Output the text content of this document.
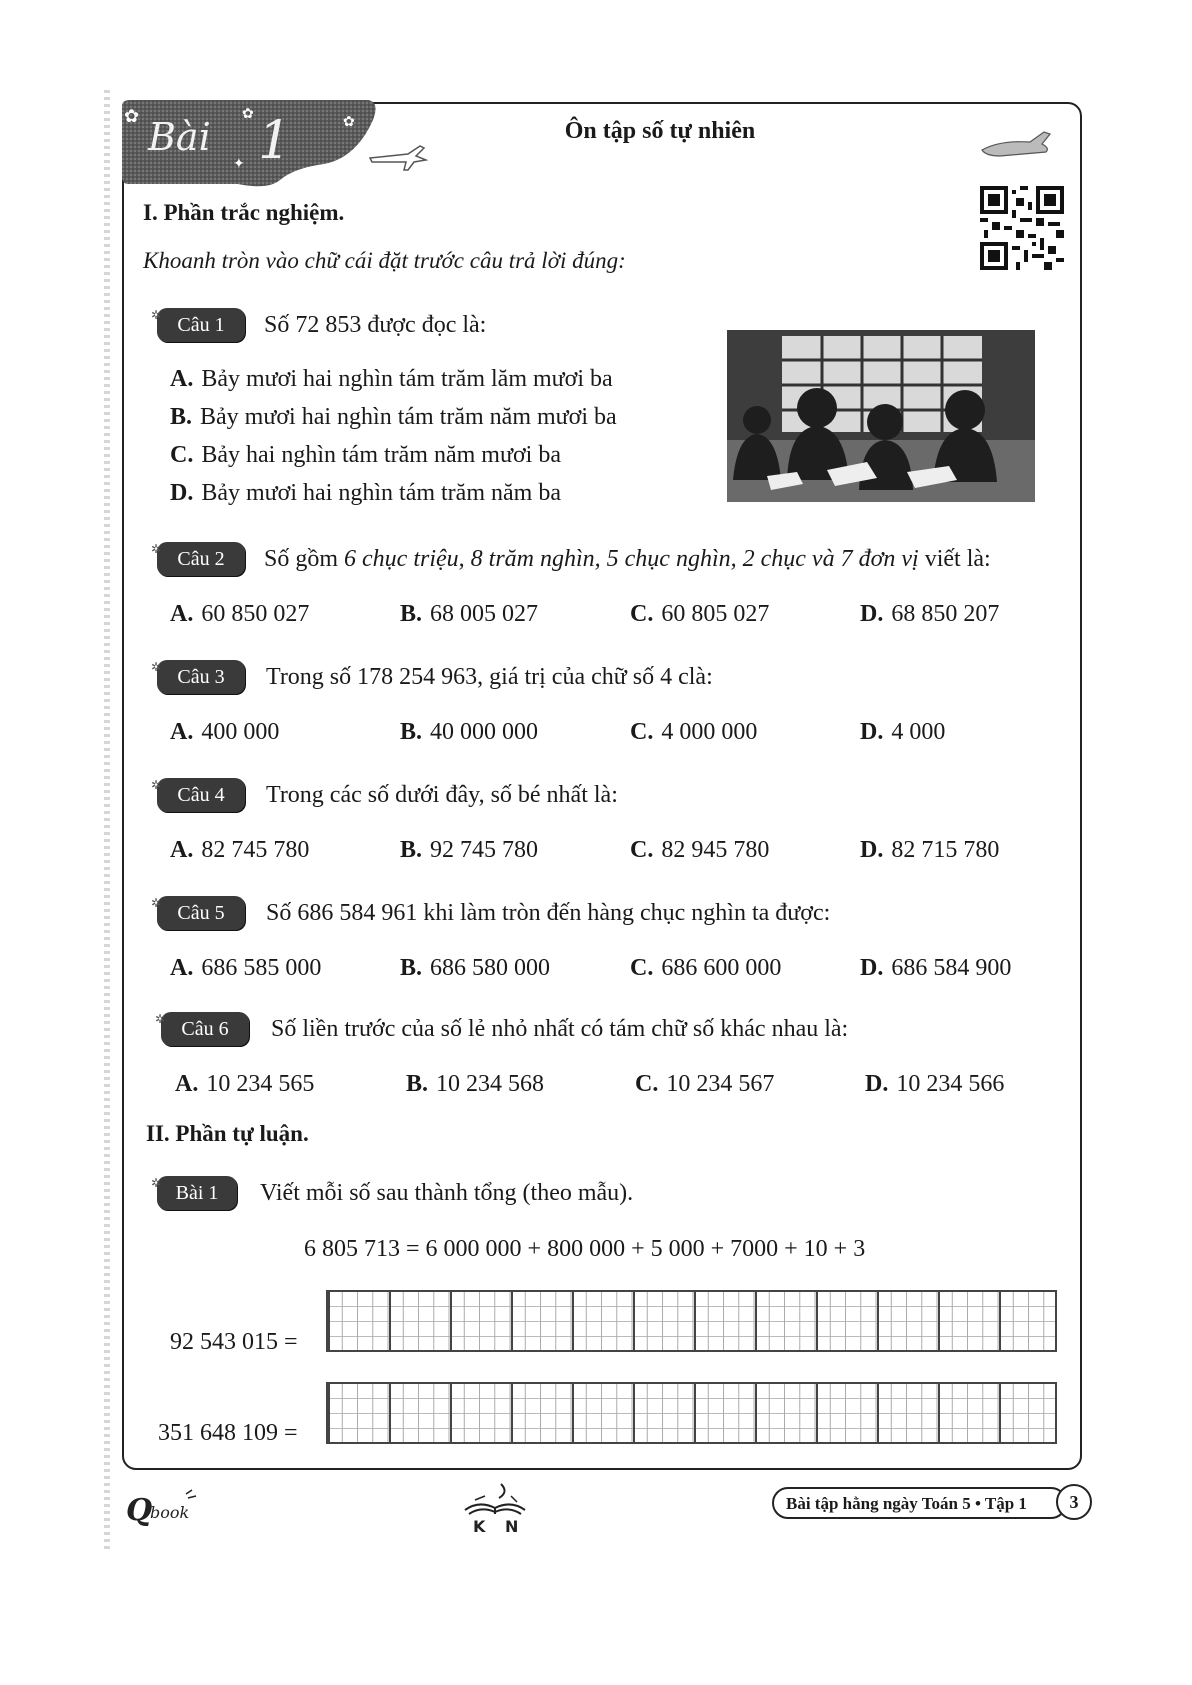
Bài 1
✿	✿
✿
✦
Ôn tập số tự nhiên
I. Phần trắc nghiệm.
Khoanh tròn vào chữ cái đặt trước câu trả lời đúng:
✲ Câu 1	Số 72 853 được đọc là:
A. Bảy mươi hai nghìn tám trăm lăm mươi ba
B. Bảy mươi hai nghìn tám trăm năm mươi ba
C. Bảy hai nghìn tám trăm năm mươi ba
D. Bảy mươi hai nghìn tám trăm năm ba
✲ Câu 2	Số gồm 6 chục triệu, 8 trăm nghìn, 5 chục nghìn, 2 chục và 7 đơn vị viết là:
A. 60 850 027	B. 68 005 027	C. 60 805 027	D. 68 850 207
✲ Câu 3	Trong số 178 254 963, giá trị của chữ số 4 clà:
A. 400 000	B. 40 000 000	C. 4 000 000	D. 4 000
✲ Câu 4	Trong các số dưới đây, số bé nhất là:
A. 82 745 780	B. 92 745 780	C. 82 945 780	D. 82 715 780
✲ Câu 5	Số 686 584 961 khi làm tròn đến hàng chục nghìn ta được:
A. 686 585 000	B. 686 580 000	C. 686 600 000	D. 686 584 900
✲ Câu 6	Số liền trước của số lẻ nhỏ nhất có tám chữ số khác nhau là:
A. 10 234 565	B. 10 234 568	C. 10 234 567	D. 10 234 566
II. Phần tự luận.
✲ Bài 1	Viết mỗi số sau thành tổng (theo mẫu).
6 805 713 = 6 000 000 + 800 000 + 5 000 + 7000 + 10 + 3
92 543 015 =
351 648 109 =
Q
book
K N
Bài tập hằng ngày Toán 5 • Tập 1	3
